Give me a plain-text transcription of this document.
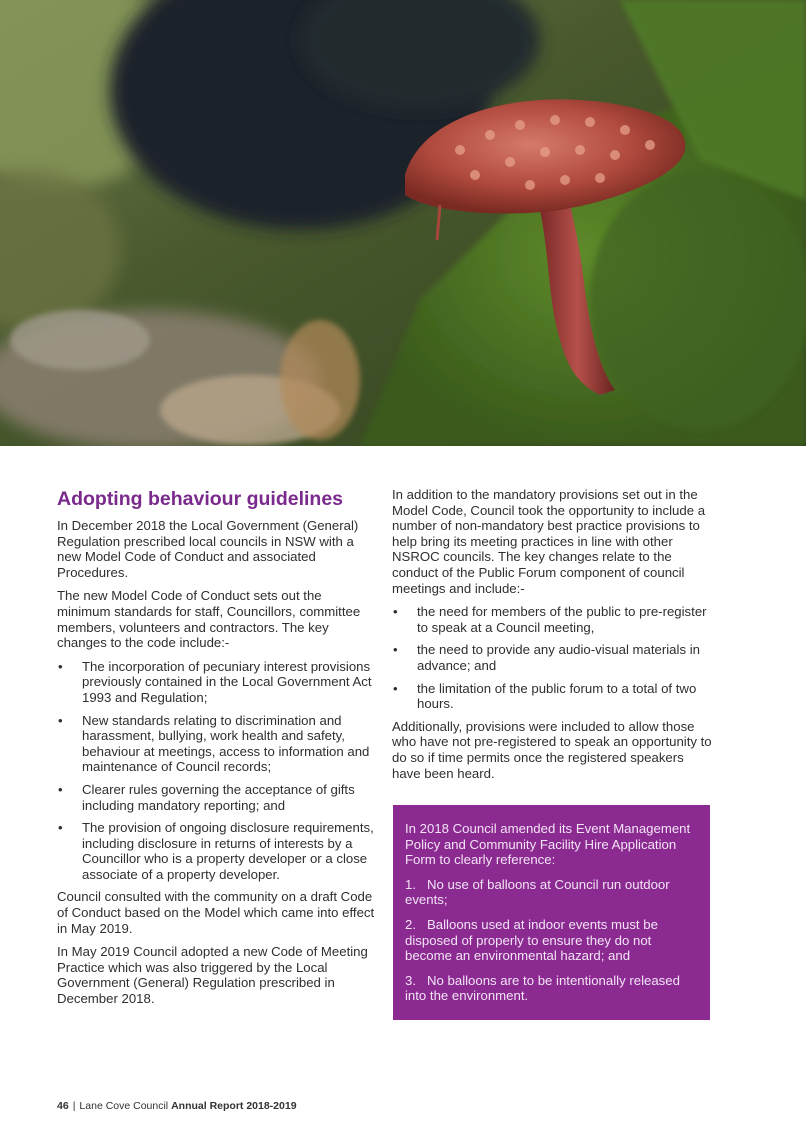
Adopting behaviour guidelines

In December 2018 the Local Government (General) Regulation prescribed local councils in NSW with a new Model Code of Conduct and associated Procedures.

The new Model Code of Conduct sets out the minimum standards for staff, Councillors, committee members, volunteers and contractors. The key changes to the code include:-

• The incorporation of pecuniary interest provisions previously contained in the Local Government Act 1993 and Regulation;
• New standards relating to discrimination and harassment, bullying, work health and safety, behaviour at meetings, access to information and maintenance of Council records;
• Clearer rules governing the acceptance of gifts including mandatory reporting; and
• The provision of ongoing disclosure requirements, including disclosure in returns of interests by a Councillor who is a property developer or a close associate of a property developer.

Council consulted with the community on a draft Code of Conduct based on the Model which came into effect in May 2019.

In May 2019 Council adopted a new Code of Meeting Practice which was also triggered by the Local Government (General) Regulation prescribed in December 2018.

In addition to the mandatory provisions set out in the Model Code, Council took the opportunity to include a number of non-mandatory best practice provisions to help bring its meeting practices in line with other NSROC councils. The key changes relate to the conduct of the Public Forum component of council meetings and include:-

• the need for members of the public to pre-register to speak at a Council meeting,
• the need to provide any audio-visual materials in advance; and
• the limitation of the public forum to a total of two hours.

Additionally, provisions were included to allow those who have not pre-registered to speak an opportunity to do so if time permits once the registered speakers have been heard.

In 2018 Council amended its Event Management Policy and Community Facility Hire Application Form to clearly reference:

1. No use of balloons at Council run outdoor events;

2. Balloons used at indoor events must be disposed of properly to ensure they do not become an environmental hazard; and

3. No balloons are to be intentionally released into the environment.

46 | Lane Cove Council Annual Report 2018-2019
